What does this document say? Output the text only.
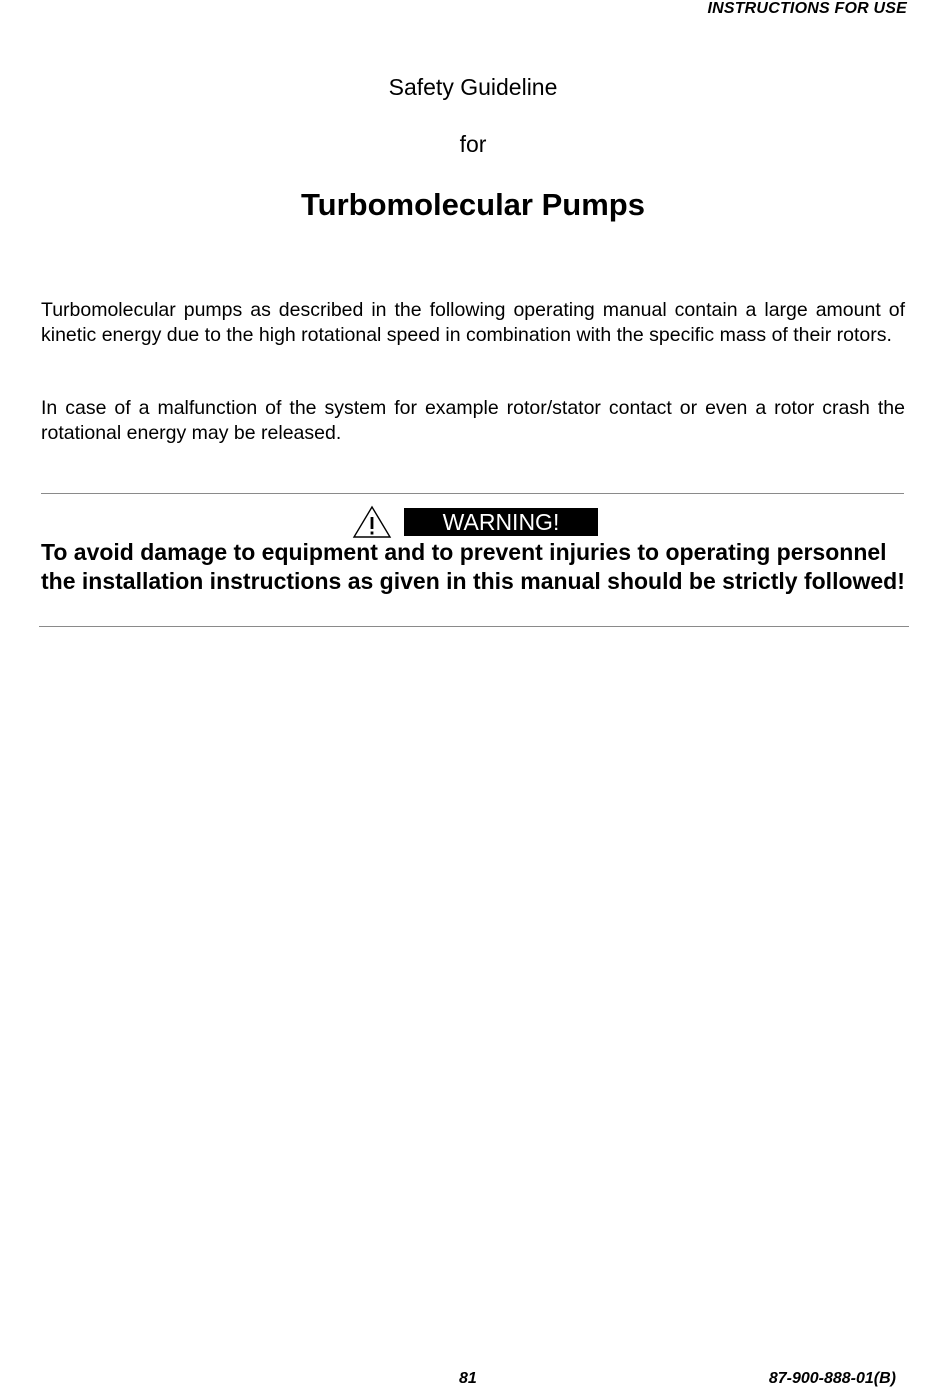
INSTRUCTIONS FOR USE
Safety Guideline
for
Turbomolecular Pumps

Turbomolecular pumps as described in the following operating manual contain a large amount of kinetic energy due to the high rotational speed in combination with the specific mass of their rotors.

In case of a malfunction of the system for example rotor/stator contact or even a rotor crash the rotational energy may be released.

WARNING!

To avoid damage to equipment and to prevent injuries to operating personnel the installation instructions as given in this manual should be strictly followed!

81	87-900-888-01(B)
